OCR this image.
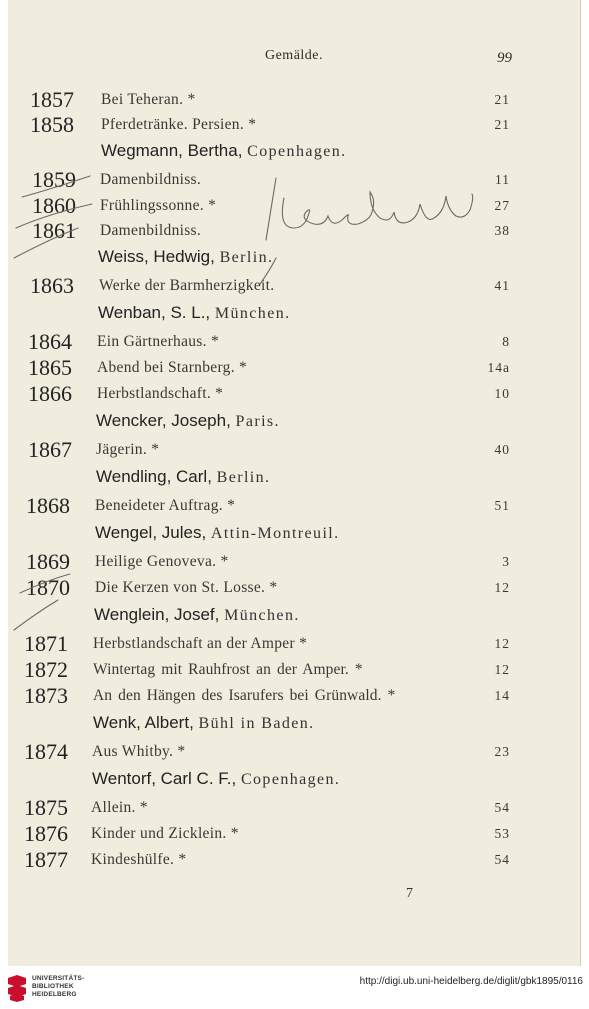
Gemälde.	99
1857 Bei Teheran. *	21
1858 Pferdetränke. Persien. *	21
Wegmann, Bertha, Copenhagen.
1859 Damenbildniss.	11
1860 Frühlingssonne. *	27
1861 Damenbildniss.	38
Weiss, Hedwig, Berlin.
1863 Werke der Barmherzigkeit.	41
Wenban, S. L., München.
1864 Ein Gärtnerhaus. *	8
1865 Abend bei Starnberg. *	14a
1866 Herbstlandschaft. *	10
Wencker, Joseph, Paris.
1867 Jägerin. *	40
Wendling, Carl, Berlin.
1868 Beneideter Auftrag. *	51
Wengel, Jules, Attin-Montreuil.
1869 Heilige Genoveva. *	3
1870 Die Kerzen von St. Losse. *	12
Wenglein, Josef, München.
1871 Herbstlandschaft an der Amper *	12
1872 Wintertag mit Rauhfrost an der Amper. *	12
1873 An den Hängen des Isarufers bei Grünwald. *	14
Wenk, Albert, Bühl in Baden.
1874 Aus Whitby. *	23
Wentorf, Carl C. F., Copenhagen.
1875 Allein. *	54
1876 Kinder und Zicklein. *	53
1877 Kindeshülfe. *	54
7
UNIVERSITÄTS-
BIBLIOTHEK
HEIDELBERG
http://digi.ub.uni-heidelberg.de/diglit/gbk1895/0116
